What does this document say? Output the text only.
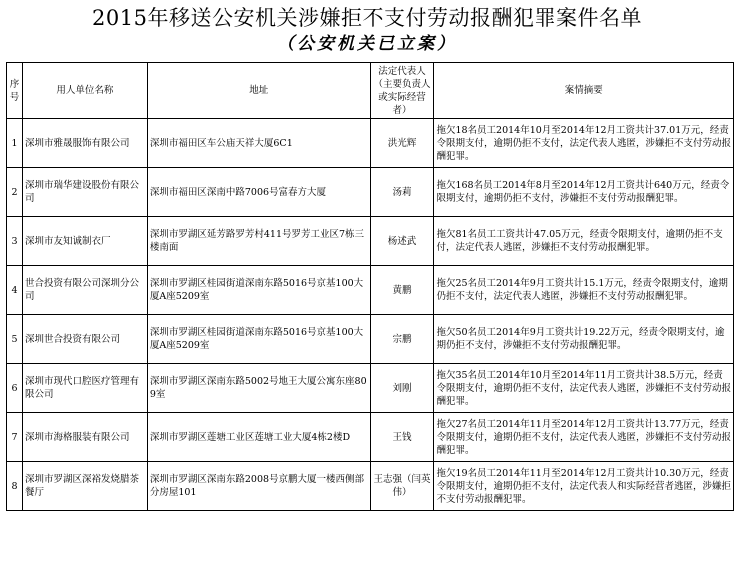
2015年移送公安机关涉嫌拒不支付劳动报酬犯罪案件名单
（公安机关已立案）
序号	用人单位名称	地址	法定代表人（主要负责人或实际经营者）	案情摘要
1	深圳市雅晟服饰有限公司	深圳市福田区车公庙天祥大厦6C1	洪光辉	拖欠18名员工2014年10月至2014年12月工资共计37.01万元，经责令限期支付，逾期仍拒不支付，法定代表人逃匿，涉嫌拒不支付劳动报酬犯罪。
2	深圳市瑞华建设股份有限公司	深圳市福田区深南中路7006号富春方大厦	汤莉	拖欠168名员工2014年8月至2014年12月工资共计640万元，经责令限期支付，逾期仍拒不支付，涉嫌拒不支付劳动报酬犯罪。
3	深圳市友知诚制衣厂	深圳市罗湖区延芳路罗芳村411号罗芳工业区7栋三楼南面	杨述武	拖欠81名员工工资共计47.05万元，经责令限期支付，逾期仍拒不支付，法定代表人逃匿，涉嫌拒不支付劳动报酬犯罪。
4	世合投资有限公司深圳分公司	深圳市罗湖区桂园街道深南东路5016号京基100大厦A座5209室	黄鹏	拖欠25名员工2014年9月工资共计15.1万元，经责令限期支付，逾期仍拒不支付，法定代表人逃匿，涉嫌拒不支付劳动报酬犯罪。
5	深圳世合投资有限公司	深圳市罗湖区桂园街道深南东路5016号京基100大厦A座5209室	宗鹏	拖欠50名员工2014年9月工资共计19.22万元，经责令限期支付，逾期仍拒不支付，涉嫌拒不支付劳动报酬犯罪。
6	深圳市现代口腔医疗管理有限公司	深圳市罗湖区深南东路5002号地王大厦公寓东座809室	刘刚	拖欠35名员工2014年10月至2014年11月工资共计38.5万元，经责令限期支付，逾期仍拒不支付，法定代表人逃匿，涉嫌拒不支付劳动报酬犯罪。
7	深圳市海格服装有限公司	深圳市罗湖区莲塘工业区莲塘工业大厦4栋2楼D	王钱	拖欠27名员工2014年11月至2014年12月工资共计13.77万元，经责令限期支付，逾期仍拒不支付，法定代表人逃匿，涉嫌拒不支付劳动报酬犯罪。
8	深圳市罗湖区深裕发烧腊茶餐厅	深圳市罗湖区深南东路2008号京鹏大厦一楼西侧部分房屋101	王志强（闫英伟）	拖欠19名员工2014年11月至2014年12月工资共计10.30万元，经责令限期支付，逾期仍拒不支付，法定代表人和实际经营者逃匿，涉嫌拒不支付劳动报酬犯罪。
